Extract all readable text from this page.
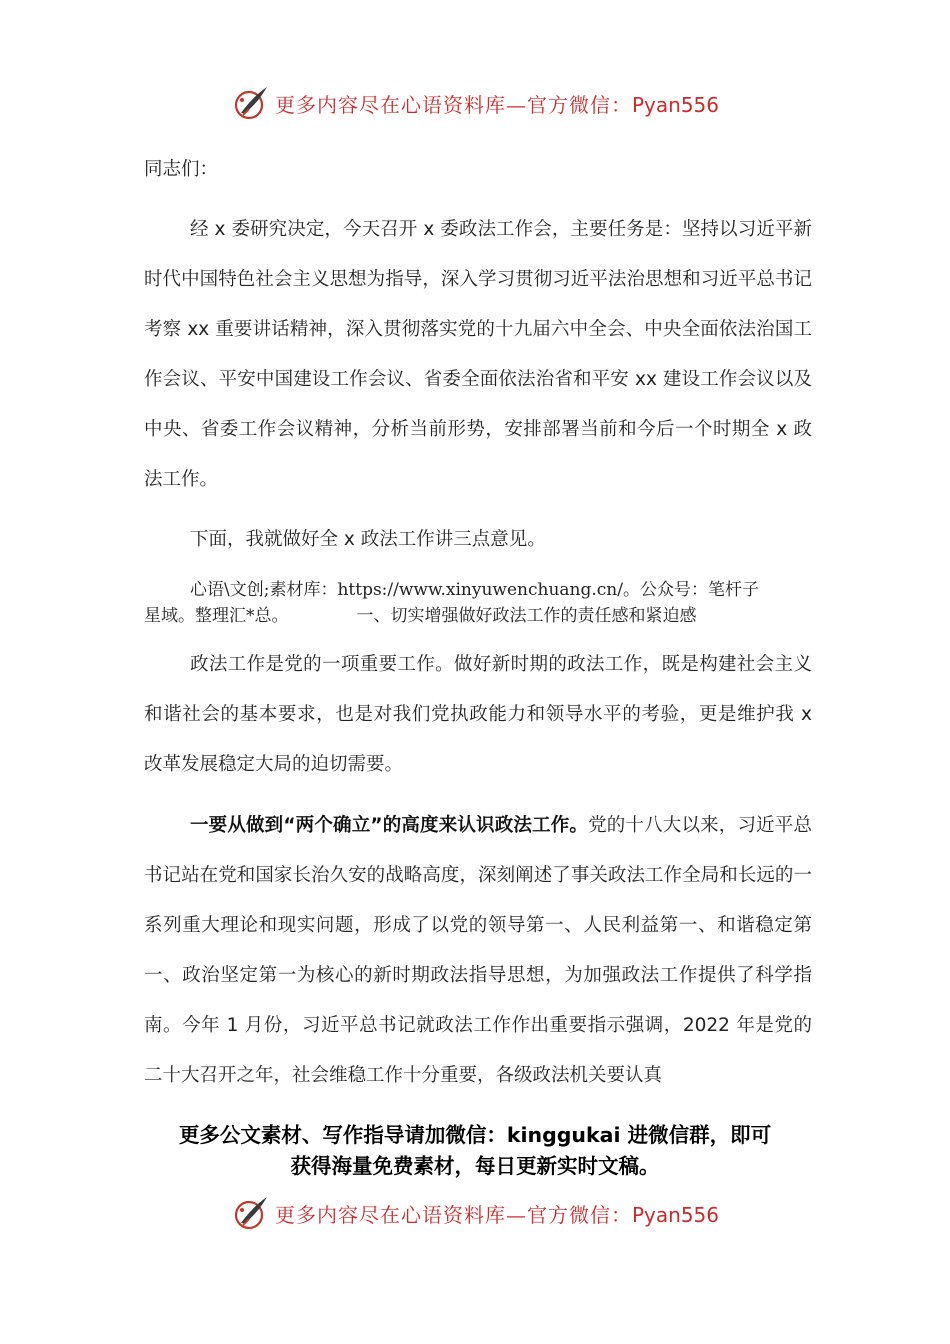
更多内容尽在心语资料库—官方微信：Pyan556
同志们：

经 x 委研究决定，今天召开 x 委政法工作会，主要任务是：坚持以习近平新时代中国特色社会主义思想为指导，深入学习贯彻习近平法治思想和习近平总书记考察 xx 重要讲话精神，深入贯彻落实党的十九届六中全会、中央全面依法治国工作会议、平安中国建设工作会议、省委全面依法治省和平安 xx 建设工作会议以及中央、省委工作会议精神，分析当前形势，安排部署当前和今后一个时期全 x 政法工作。

下面，我就做好全 x 政法工作讲三点意见。

心语\文创;素材库：https://www.xinyuwenchuang.cn/。公众号：笔杆子
星域。整理汇*总。	一、切实增强做好政法工作的责任感和紧迫感

政法工作是党的一项重要工作。做好新时期的政法工作，既是构建社会主义和谐社会的基本要求，也是对我们党执政能力和领导水平的考验，更是维护我 x 改革发展稳定大局的迫切需要。

一要从做到“两个确立”的高度来认识政法工作。党的十八大以来，习近平总书记站在党和国家长治久安的战略高度，深刻阐述了事关政法工作全局和长远的一系列重大理论和现实问题，形成了以党的领导第一、人民利益第一、和谐稳定第一、政治坚定第一为核心的新时期政法指导思想，为加强政法工作提供了科学指南。今年 1 月份，习近平总书记就政法工作作出重要指示强调，2022 年是党的二十大召开之年，社会维稳工作十分重要，各级政法机关要认真

更多公文素材、写作指导请加微信：kinggukai 进微信群，即可
获得海量免费素材，每日更新实时文稿。
更多内容尽在心语资料库—官方微信：Pyan556
